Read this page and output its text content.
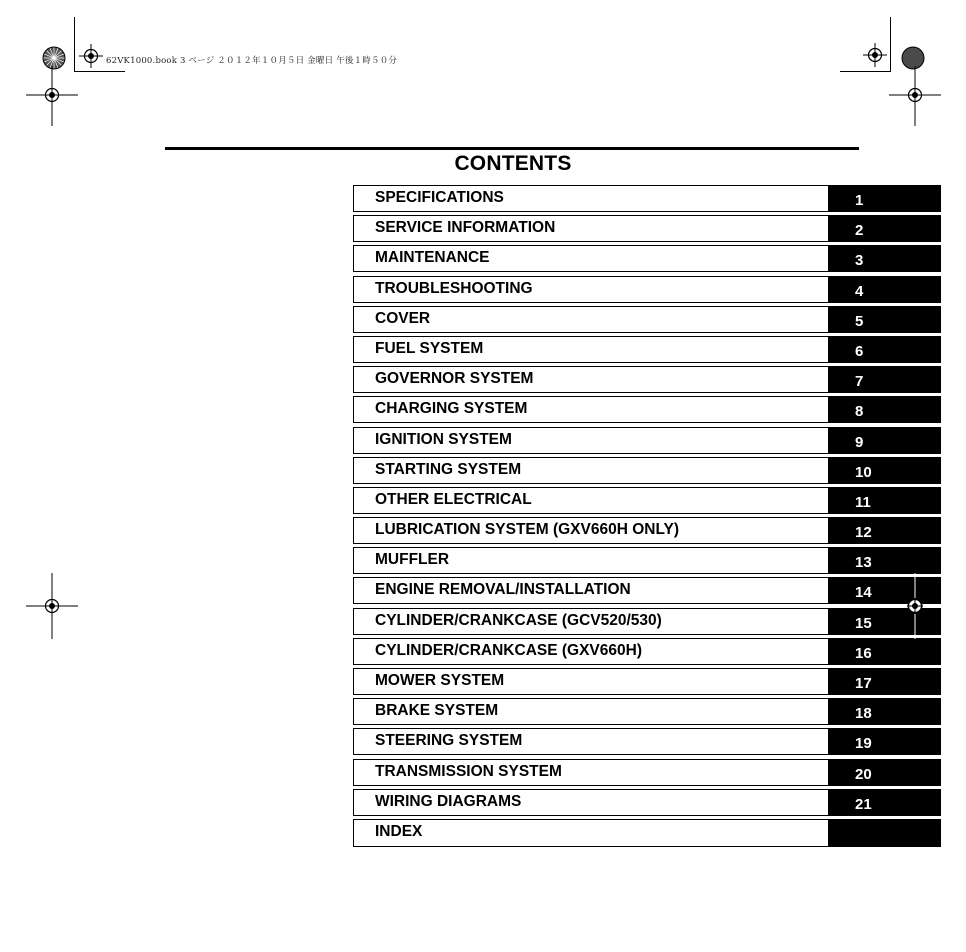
62VK1000.book 3 ページ ２０１２年１０月５日 金曜日 午後１時５０分
CONTENTS
SPECIFICATIONS	1
SERVICE INFORMATION	2
MAINTENANCE	3
TROUBLESHOOTING	4
COVER	5
FUEL SYSTEM	6
GOVERNOR SYSTEM	7
CHARGING SYSTEM	8
IGNITION SYSTEM	9
STARTING SYSTEM	10
OTHER ELECTRICAL	11
LUBRICATION SYSTEM (GXV660H ONLY)	12
MUFFLER	13
ENGINE REMOVAL/INSTALLATION	14
CYLINDER/CRANKCASE (GCV520/530)	15
CYLINDER/CRANKCASE (GXV660H)	16
MOWER SYSTEM	17
BRAKE SYSTEM	18
STEERING SYSTEM	19
TRANSMISSION SYSTEM	20
WIRING DIAGRAMS	21
INDEX
